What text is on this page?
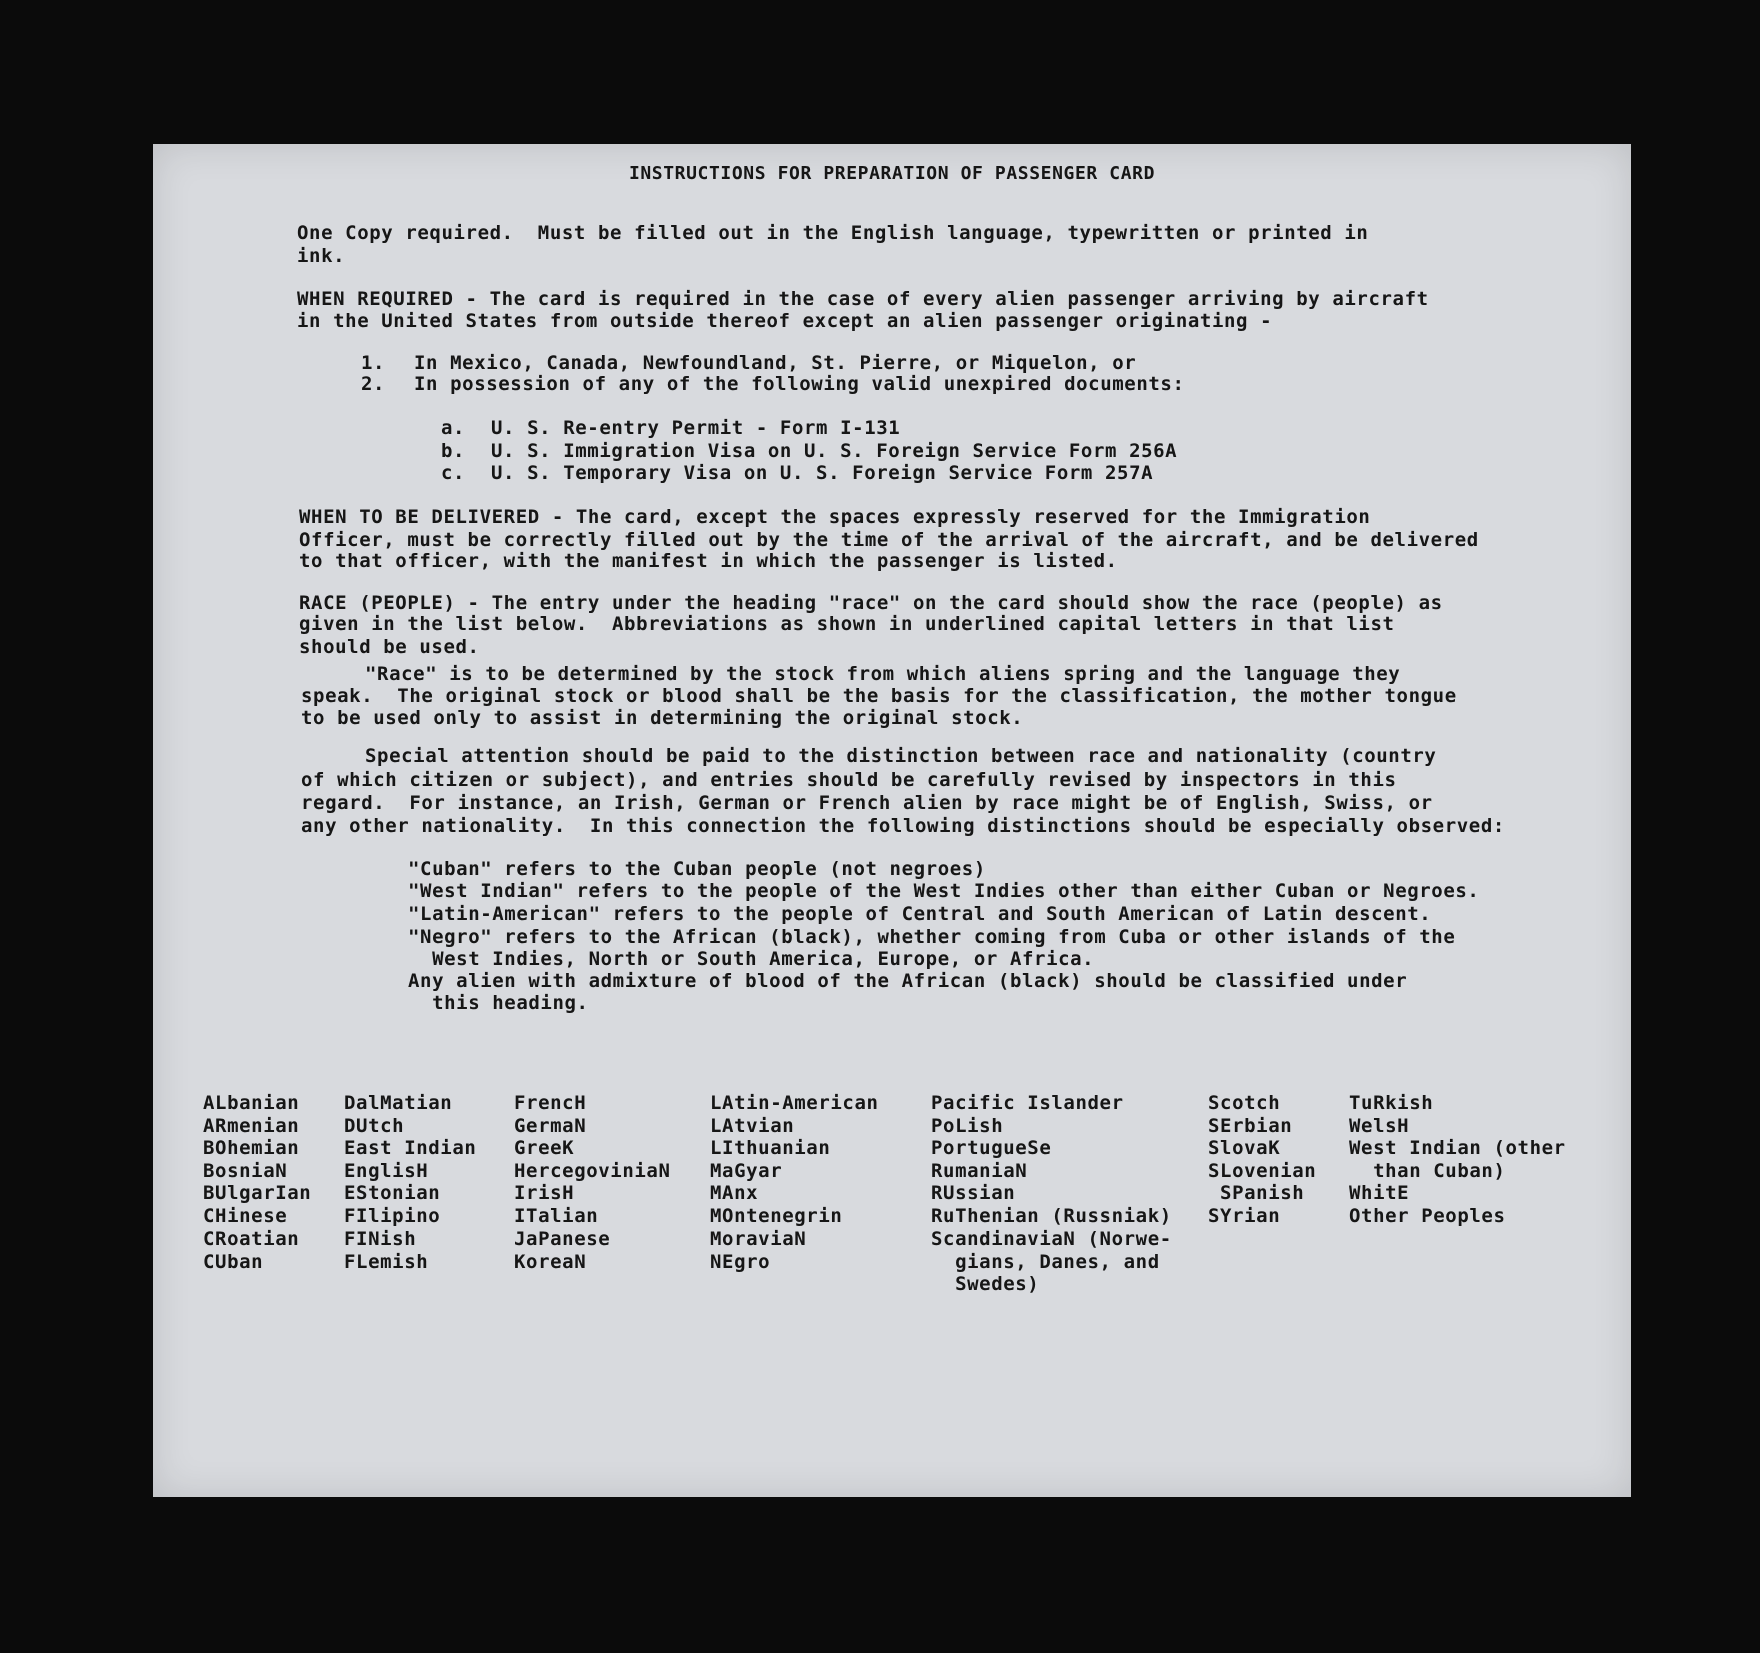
INSTRUCTIONS FOR PREPARATION OF PASSENGER CARD
One Copy required.  Must be filled out in the English language, typewritten or printed in
ink.
WHEN REQUIRED - The card is required in the case of every alien passenger arriving by aircraft
in the United States from outside thereof except an alien passenger originating -
1. In Mexico, Canada, Newfoundland, St. Pierre, or Miquelon, or
2. In possession of any of the following valid unexpired documents:
a. U. S. Re-entry Permit - Form I-131
b. U. S. Immigration Visa on U. S. Foreign Service Form 256A
c. U. S. Temporary Visa on U. S. Foreign Service Form 257A
WHEN TO BE DELIVERED - The card, except the spaces expressly reserved for the Immigration
Officer, must be correctly filled out by the time of the arrival of the aircraft, and be delivered
to that officer, with the manifest in which the passenger is listed.
RACE (PEOPLE) - The entry under the heading "race" on the card should show the race (people) as
given in the list below.  Abbreviations as shown in underlined capital letters in that list
should be used.
"Race" is to be determined by the stock from which aliens spring and the language they
speak.  The original stock or blood shall be the basis for the classification, the mother tongue
to be used only to assist in determining the original stock.
Special attention should be paid to the distinction between race and nationality (country
of which citizen or subject), and entries should be carefully revised by inspectors in this
regard.  For instance, an Irish, German or French alien by race might be of English, Swiss, or
any other nationality.  In this connection the following distinctions should be especially observed:
"Cuban" refers to the Cuban people (not negroes)
"West Indian" refers to the people of the West Indies other than either Cuban or Negroes.
"Latin-American" refers to the people of Central and South American of Latin descent.
"Negro" refers to the African (black), whether coming from Cuba or other islands of the
West Indies, North or South America, Europe, or Africa.
Any alien with admixture of blood of the African (black) should be classified under
this heading.
ALbanian
ARmenian
BOhemian
BosniaN
BUlgarIan
CHinese
CRoatian
CUban
DalMatian
DUtch
East Indian
EnglisH
EStonian
FIlipino
FINish
FLemish
FrencH
GermaN
GreeK
HercegoviniaN
IrisH
ITalian
JaPanese
KoreaN
LAtin-American
LAtvian
LIthuanian
MaGyar
MAnx
MOntenegrin
MoraviaN
NEgro
Pacific Islander
PoLish
PortugueSe
RumaniaN
RUssian
RuThenian (Russniak)
ScandinaviaN (Norwe-
gians, Danes, and
Swedes)
Scotch
SErbian
SlovaK
SLovenian
SPanish
SYrian
TuRkish
WelsH
West Indian (other
than Cuban)
WhitE
Other Peoples
